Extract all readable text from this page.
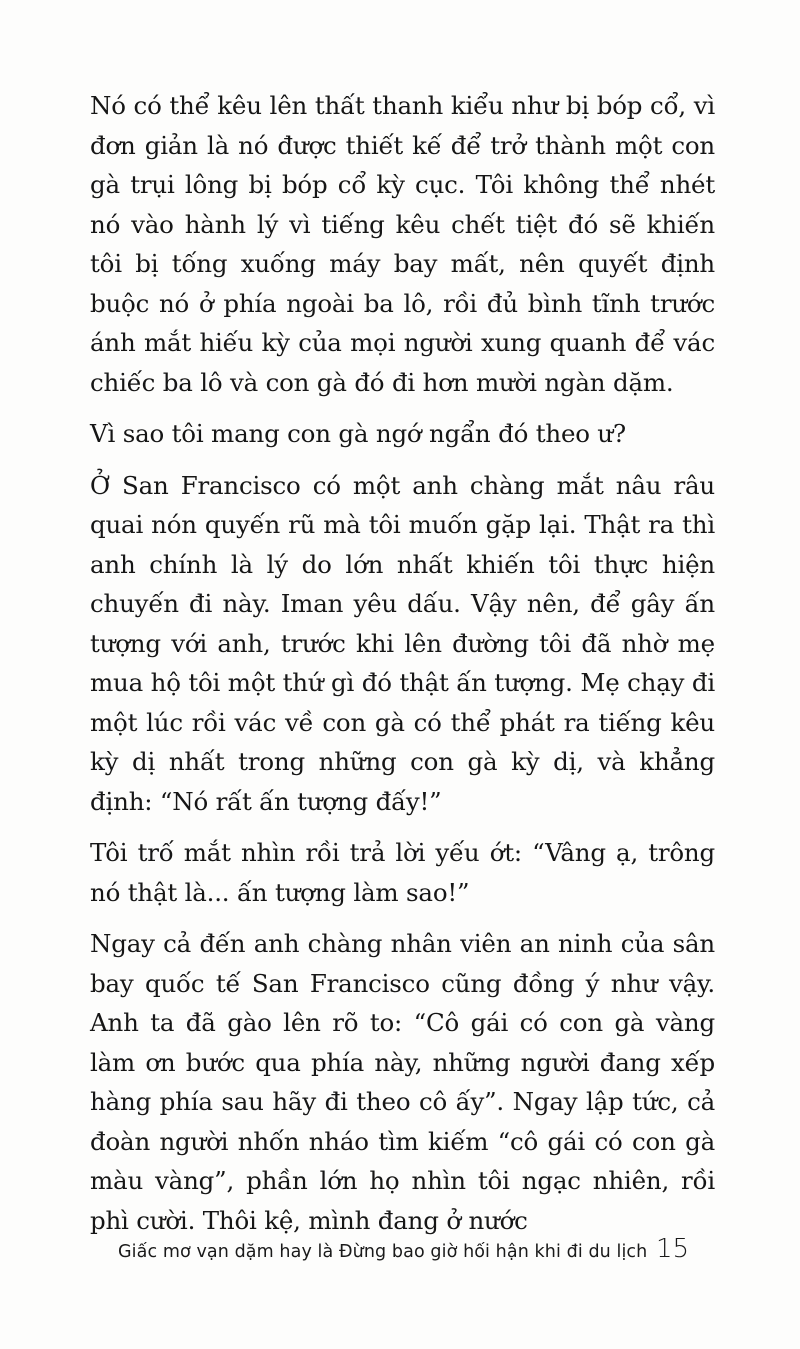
Nó có thể kêu lên thất thanh kiểu như bị bóp cổ, vì đơn giản là nó được thiết kế để trở thành một con gà trụi lông bị bóp cổ kỳ cục. Tôi không thể nhét nó vào hành lý vì tiếng kêu chết tiệt đó sẽ khiến tôi bị tống xuống máy bay mất, nên quyết định buộc nó ở phía ngoài ba lô, rồi đủ bình tĩnh trước ánh mắt hiếu kỳ của mọi người xung quanh để vác chiếc ba lô và con gà đó đi hơn mười ngàn dặm.

Vì sao tôi mang con gà ngớ ngẩn đó theo ư?

Ở San Francisco có một anh chàng mắt nâu râu quai nón quyến rũ mà tôi muốn gặp lại. Thật ra thì anh chính là lý do lớn nhất khiến tôi thực hiện chuyến đi này. Iman yêu dấu. Vậy nên, để gây ấn tượng với anh, trước khi lên đường tôi đã nhờ mẹ mua hộ tôi một thứ gì đó thật ấn tượng. Mẹ chạy đi một lúc rồi vác về con gà có thể phát ra tiếng kêu kỳ dị nhất trong những con gà kỳ dị, và khẳng định: “Nó rất ấn tượng đấy!”

Tôi trố mắt nhìn rồi trả lời yếu ớt: “Vâng ạ, trông nó thật là... ấn tượng làm sao!”

Ngay cả đến anh chàng nhân viên an ninh của sân bay quốc tế San Francisco cũng đồng ý như vậy. Anh ta đã gào lên rõ to: “Cô gái có con gà vàng làm ơn bước qua phía này, những người đang xếp hàng phía sau hãy đi theo cô ấy”. Ngay lập tức, cả đoàn người nhốn nháo tìm kiếm “cô gái có con gà màu vàng”, phần lớn họ nhìn tôi ngạc nhiên, rồi phì cười. Thôi kệ, mình đang ở nước

Giấc mơ vạn dặm hay là Đừng bao giờ hối hận khi đi du lịch 15
